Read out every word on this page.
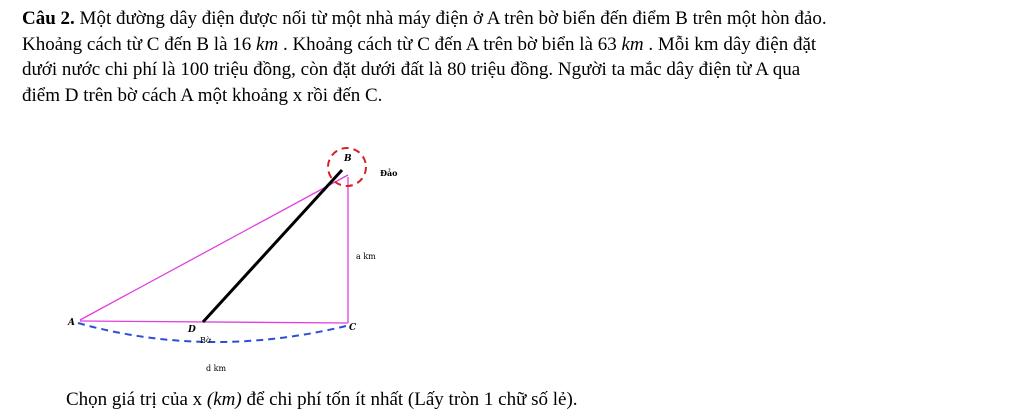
Câu 2. Một đường dây điện được nối từ một nhà máy điện ở A trên bờ biển đến điểm B trên một hòn đảo.
Khoảng cách từ C đến B là 16 km . Khoảng cách từ C đến A trên bờ biển là 63 km . Mỗi km dây điện đặt
dưới nước chi phí là 100 triệu đồng, còn đặt dưới đất là 80 triệu đồng. Người ta mắc dây điện từ A qua
điểm D trên bờ cách A một khoảng x rồi đến C.
A
B
C
D
Đảo
Bờ
a km
d km
Chọn giá trị của x (km) để chi phí tốn ít nhất (Lấy tròn 1 chữ số lẻ).
